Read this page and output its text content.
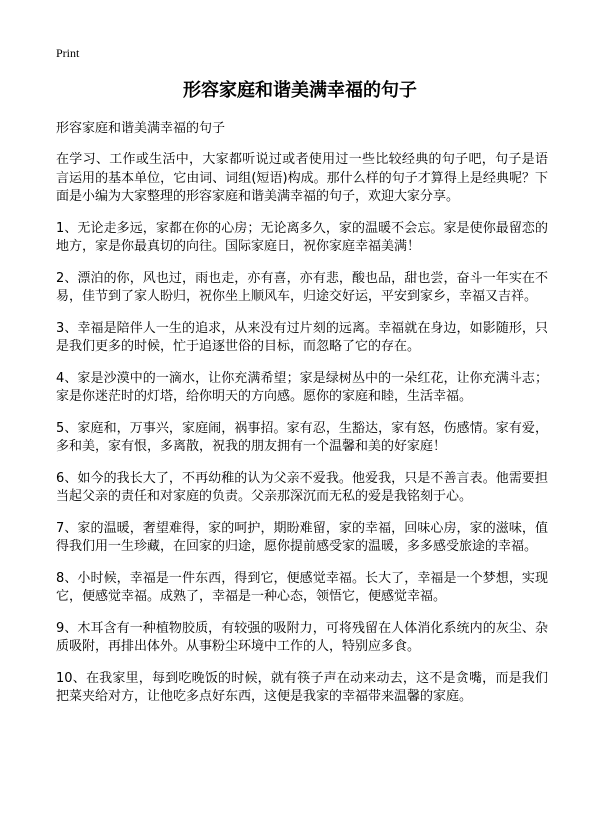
Print
形容家庭和谐美满幸福的句子

形容家庭和谐美满幸福的句子

在学习、工作或生活中，大家都听说过或者使用过一些比较经典的句子吧，句子是语言运用的基本单位，它由词、词组(短语)构成。那什么样的句子才算得上是经典呢？下面是小编为大家整理的形容家庭和谐美满幸福的句子，欢迎大家分享。

1、无论走多远，家都在你的心房；无论离多久，家的温暖不会忘。家是使你最留恋的地方，家是你最真切的向往。国际家庭日，祝你家庭幸福美满！

2、漂泊的你，风也过，雨也走，亦有喜，亦有悲，酸也品，甜也尝，奋斗一年实在不易，佳节到了家人盼归，祝你坐上顺风车，归途交好运，平安到家乡，幸福又吉祥。

3、幸福是陪伴人一生的追求，从来没有过片刻的远离。幸福就在身边，如影随形，只是我们更多的时候，忙于追逐世俗的目标，而忽略了它的存在。

4、家是沙漠中的一滴水，让你充满希望；家是绿树丛中的一朵红花，让你充满斗志；家是你迷茫时的灯塔，给你明天的方向感。愿你的家庭和睦，生活幸福。

5、家庭和，万事兴，家庭闹，祸事招。家有忍，生豁达，家有怒，伤感情。家有爱，多和美，家有恨，多离散，祝我的朋友拥有一个温馨和美的好家庭！

6、如今的我长大了，不再幼稚的认为父亲不爱我。他爱我，只是不善言表。他需要担当起父亲的责任和对家庭的负责。父亲那深沉而无私的爱是我铭刻于心。

7、家的温暖，奢望难得，家的呵护，期盼难留，家的幸福，回味心房，家的滋味，值得我们用一生珍藏，在回家的归途，愿你提前感受家的温暖，多多感受旅途的幸福。

8、小时候，幸福是一件东西，得到它，便感觉幸福。长大了，幸福是一个梦想，实现它，便感觉幸福。成熟了，幸福是一种心态，领悟它，便感觉幸福。

9、木耳含有一种植物胶质，有较强的吸附力，可将残留在人体消化系统内的灰尘、杂质吸附，再排出体外。从事粉尘环境中工作的人，特别应多食。

10、在我家里，每到吃晚饭的时候，就有筷子声在动来动去，这不是贪嘴，而是我们把菜夹给对方，让他吃多点好东西，这便是我家的幸福带来温馨的家庭。
